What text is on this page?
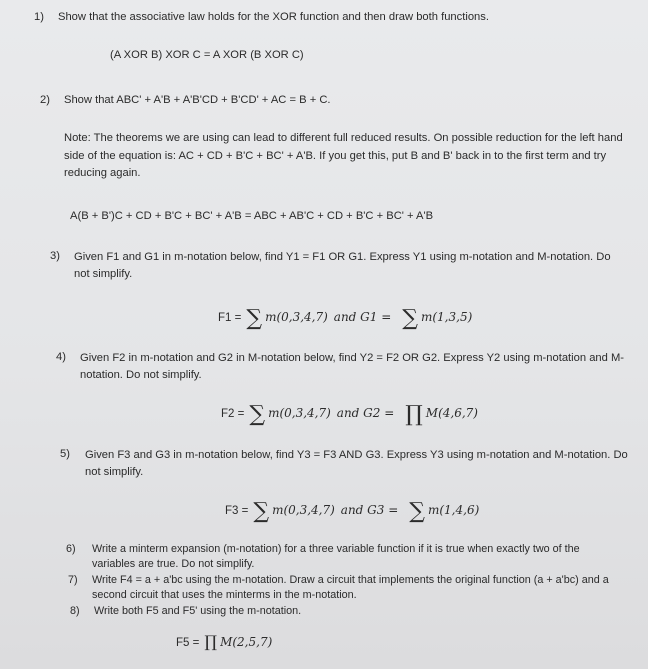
1) Show that the associative law holds for the XOR function and then draw both functions.
(A XOR B) XOR C = A XOR (B XOR C)
2) Show that ABC' + A'B + A'B'CD + B'CD' + AC = B + C.
Note: The theorems we are using can lead to different full reduced results. On possible reduction for the left hand side of the equation is: AC + CD + B'C + BC' + A'B. If you get this, put B and B' back in to the first term and try reducing again.
A(B + B')C + CD + B'C + BC' + A'B = ABC + AB'C + CD + B'C + BC' + A'B
3) Given F1 and G1 in m-notation below, find Y1 = F1 OR G1. Express Y1 using m-notation and M-notation. Do not simplify.
F1 = ∑ m(0,3,4,7) and G1 = ∑ m(1,3,5)
4) Given F2 in m-notation and G2 in M-notation below, find Y2 = F2 OR G2. Express Y2 using m-notation and M-notation. Do not simplify.
F2 = ∑ m(0,3,4,7) and G2 = ∏ M(4,6,7)
5) Given F3 and G3 in m-notation below, find Y3 = F3 AND G3. Express Y3 using m-notation and M-notation. Do not simplify.
F3 = ∑ m(0,3,4,7) and G3 = ∑ m(1,4,6)
6) Write a minterm expansion (m-notation) for a three variable function if it is true when exactly two of the variables are true. Do not simplify.
7) Write F4 = a + a'bc using the m-notation. Draw a circuit that implements the original function (a + a'bc) and a second circuit that uses the minterms in the m-notation.
8) Write both F5 and F5' using the m-notation.
F5 = ∏ M(2,5,7)
